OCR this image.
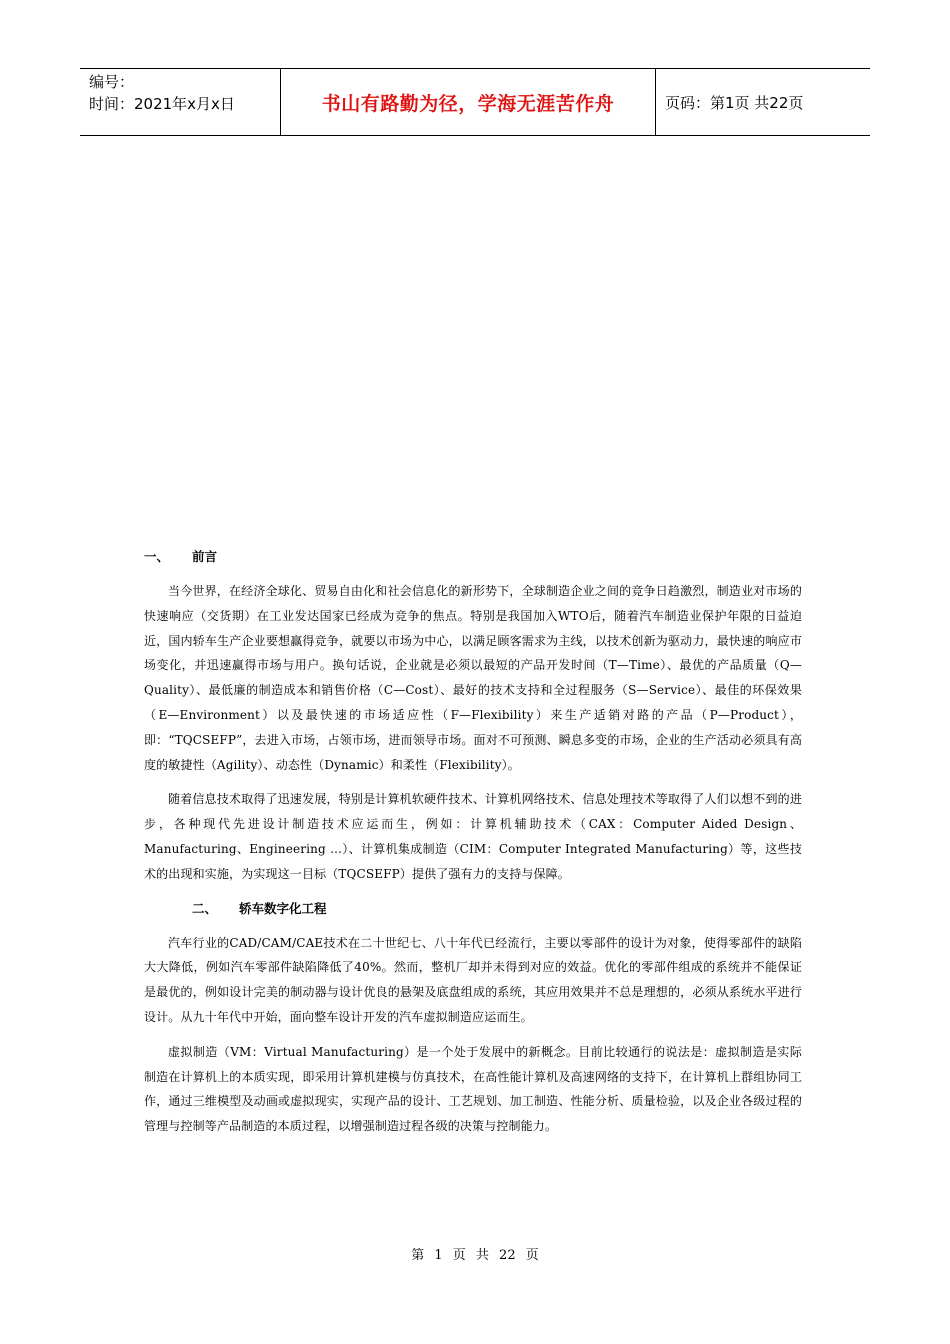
编号：
时间：2021年x月x日	书山有路勤为径，学海无涯苦作舟	页码：第1页 共22页
一、 前言

当今世界，在经济全球化、贸易自由化和社会信息化的新形势下，全球制造企业之间的竞争日趋激烈，制造业对市场的快速响应（交货期）在工业发达国家已经成为竞争的焦点。特别是我国加入WTO后，随着汽车制造业保护年限的日益迫近，国内轿车生产企业要想赢得竞争，就要以市场为中心，以满足顾客需求为主线，以技术创新为驱动力，最快速的响应市场变化，并迅速赢得市场与用户。换句话说，企业就是必须以最短的产品开发时间（T—Time）、最优的产品质量（Q—Quality）、最低廉的制造成本和销售价格（C—Cost）、最好的技术支持和全过程服务（S—Service）、最佳的环保效果（E—Environment）以及最快速的市场适应性（F—Flexibility）来生产适销对路的产品（P—Product），即：“TQCSEFP”，去进入市场，占领市场，进而领导市场。面对不可预测、瞬息多变的市场，企业的生产活动必须具有高度的敏捷性（Agility）、动态性（Dynamic）和柔性（Flexibility）。

随着信息技术取得了迅速发展，特别是计算机软硬件技术、计算机网络技术、信息处理技术等取得了人们以想不到的进步，各种现代先进设计制造技术应运而生，例如：计算机辅助技术（CAX：Computer Aided Design、Manufacturing、Engineering …）、计算机集成制造（CIM：Computer Integrated Manufacturing）等，这些技术的出现和实施，为实现这一目标（TQCSEFP）提供了强有力的支持与保障。

二、 轿车数字化工程

汽车行业的CAD/CAM/CAE技术在二十世纪七、八十年代已经流行，主要以零部件的设计为对象，使得零部件的缺陷大大降低，例如汽车零部件缺陷降低了40%。然而，整机厂却并未得到对应的效益。优化的零部件组成的系统并不能保证是最优的，例如设计完美的制动器与设计优良的悬架及底盘组成的系统，其应用效果并不总是理想的，必须从系统水平进行设计。从九十年代中开始，面向整车设计开发的汽车虚拟制造应运而生。

虚拟制造（VM：Virtual Manufacturing）是一个处于发展中的新概念。目前比较通行的说法是：虚拟制造是实际制造在计算机上的本质实现，即采用计算机建模与仿真技术，在高性能计算机及高速网络的支持下，在计算机上群组协同工作，通过三维模型及动画或虚拟现实，实现产品的设计、工艺规划、加工制造、性能分析、质量检验，以及企业各级过程的管理与控制等产品制造的本质过程，以增强制造过程各级的决策与控制能力。

第 1 页 共 22 页
